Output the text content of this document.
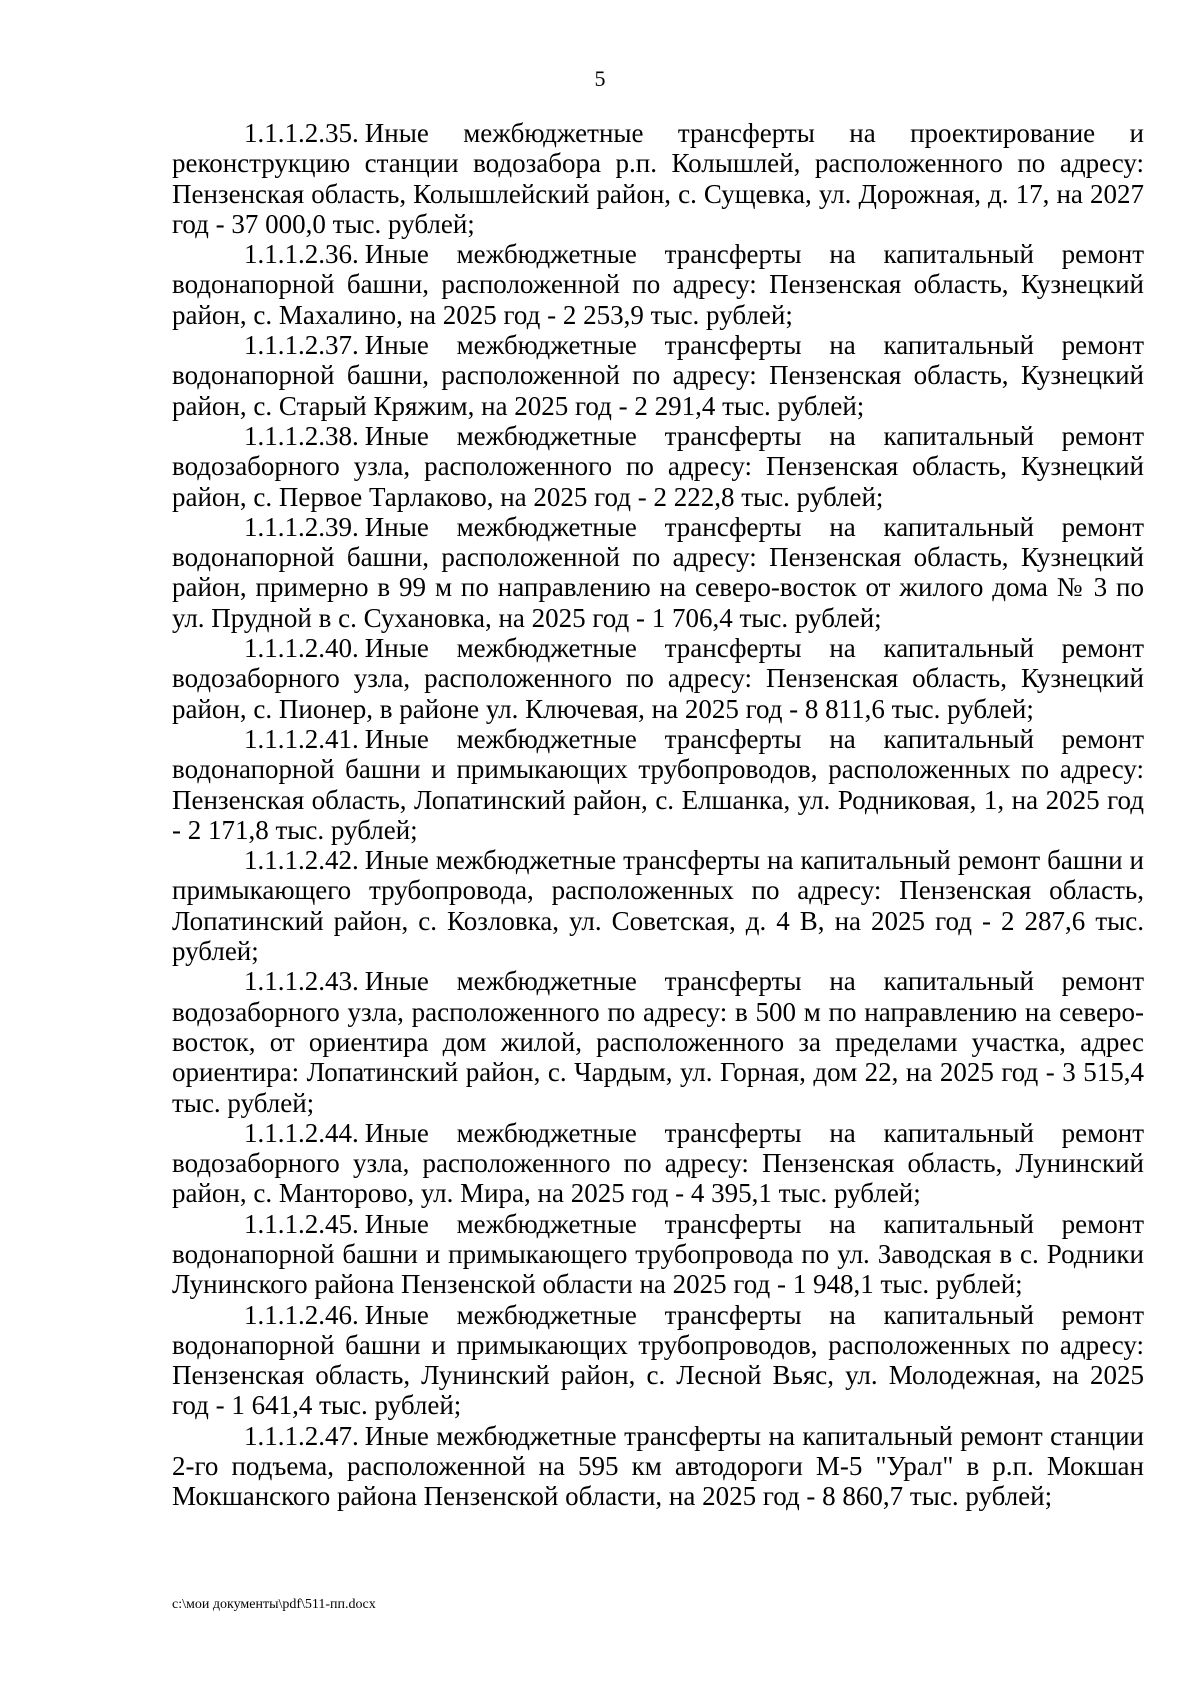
5

1.1.1.2.35. Иные межбюджетные трансферты на проектирование и реконструкцию станции водозабора р.п. Колышлей, расположенного по адресу: Пензенская область, Колышлейский район, с. Сущевка, ул. Дорожная, д. 17, на 2027 год - 37 000,0 тыс. рублей;

1.1.1.2.36. Иные межбюджетные трансферты на капитальный ремонт водонапорной башни, расположенной по адресу: Пензенская область, Кузнецкий район, с. Махалино, на 2025 год - 2 253,9 тыс. рублей;

1.1.1.2.37. Иные межбюджетные трансферты на капитальный ремонт водонапорной башни, расположенной по адресу: Пензенская область, Кузнецкий район, с. Старый Кряжим, на 2025 год - 2 291,4 тыс. рублей;

1.1.1.2.38. Иные межбюджетные трансферты на капитальный ремонт водозаборного узла, расположенного по адресу: Пензенская область, Кузнецкий район, с. Первое Тарлаково, на 2025 год - 2 222,8 тыс. рублей;

1.1.1.2.39. Иные межбюджетные трансферты на капитальный ремонт водонапорной башни, расположенной по адресу: Пензенская область, Кузнецкий район, примерно в 99 м по направлению на северо-восток от жилого дома № 3 по ул. Прудной в с. Сухановка, на 2025 год - 1 706,4 тыс. рублей;

1.1.1.2.40. Иные межбюджетные трансферты на капитальный ремонт водозаборного узла, расположенного по адресу: Пензенская область, Кузнецкий район, с. Пионер, в районе ул. Ключевая, на 2025 год - 8 811,6 тыс. рублей;

1.1.1.2.41. Иные межбюджетные трансферты на капитальный ремонт водонапорной башни и примыкающих трубопроводов, расположенных по адресу: Пензенская область, Лопатинский район, с. Елшанка, ул. Родниковая, 1, на 2025 год - 2 171,8 тыс. рублей;

1.1.1.2.42. Иные межбюджетные трансферты на капитальный ремонт башни и примыкающего трубопровода, расположенных по адресу: Пензенская область, Лопатинский район, с. Козловка, ул. Советская, д. 4 В, на 2025 год - 2 287,6 тыс. рублей;

1.1.1.2.43. Иные межбюджетные трансферты на капитальный ремонт водозаборного узла, расположенного по адресу: в 500 м по направлению на северо-восток, от ориентира дом жилой, расположенного за пределами участка, адрес ориентира: Лопатинский район, с. Чардым, ул. Горная, дом 22, на 2025 год - 3 515,4 тыс. рублей;

1.1.1.2.44. Иные межбюджетные трансферты на капитальный ремонт водозаборного узла, расположенного по адресу: Пензенская область, Лунинский район, с. Манторово, ул. Мира, на 2025 год - 4 395,1 тыс. рублей;

1.1.1.2.45. Иные межбюджетные трансферты на капитальный ремонт водонапорной башни и примыкающего трубопровода по ул. Заводская в с. Родники Лунинского района Пензенской области на 2025 год - 1 948,1 тыс. рублей;

1.1.1.2.46. Иные межбюджетные трансферты на капитальный ремонт водонапорной башни и примыкающих трубопроводов, расположенных по адресу: Пензенская область, Лунинский район, с. Лесной Вьяс, ул. Молодежная, на 2025 год - 1 641,4 тыс. рублей;

1.1.1.2.47. Иные межбюджетные трансферты на капитальный ремонт станции 2-го подъема, расположенной на 595 км автодороги М-5 "Урал" в р.п. Мокшан Мокшанского района Пензенской области, на 2025 год - 8 860,7 тыс. рублей;

c:\мои документы\pdf\511-пп.docx
